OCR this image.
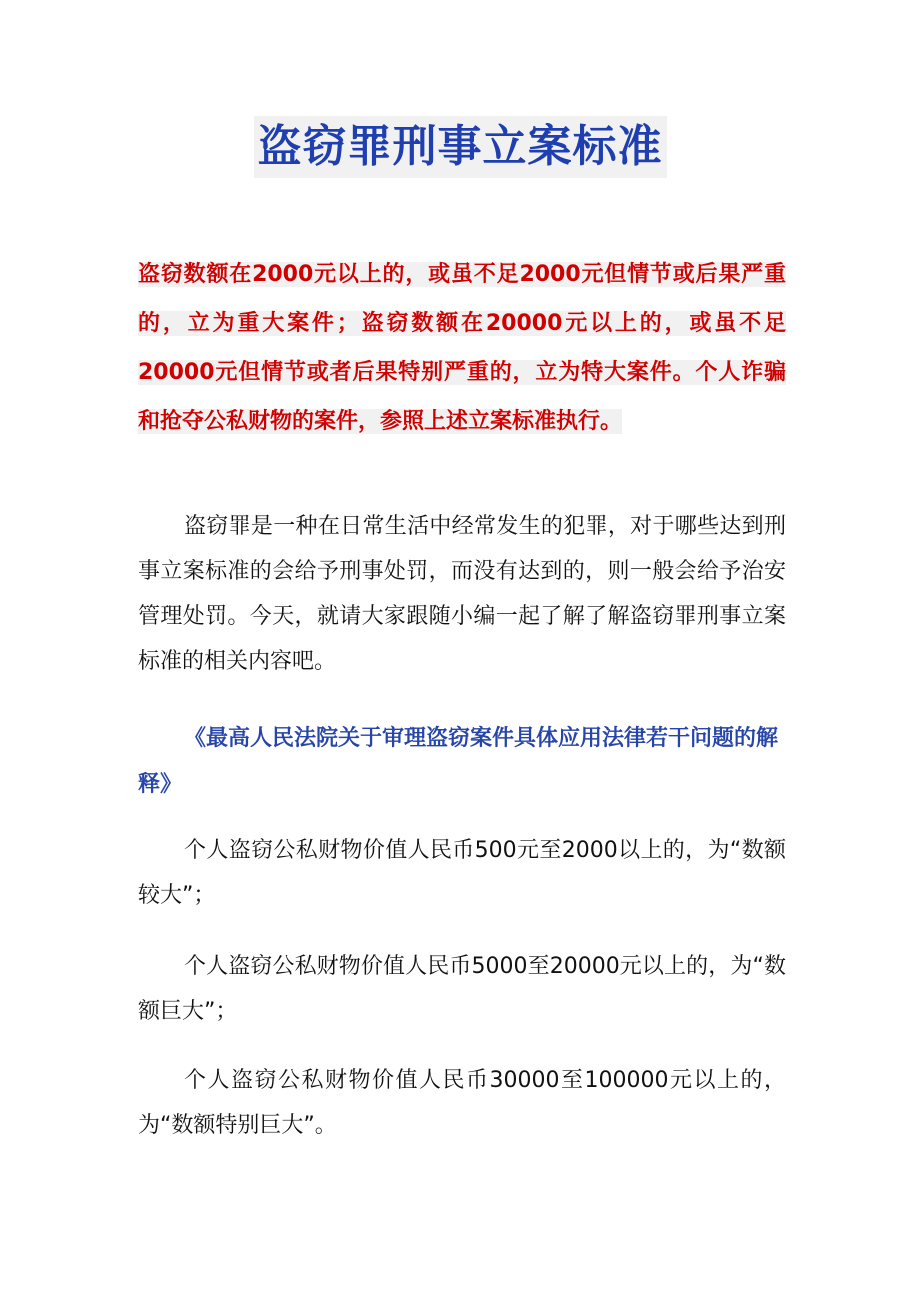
盗窃罪刑事立案标准

盗窃数额在2000元以上的，或虽不足2000元但情节或后果严重的，立为重大案件；盗窃数额在20000元以上的，或虽不足20000元但情节或者后果特别严重的，立为特大案件。个人诈骗和抢夺公私财物的案件，参照上述立案标准执行。

盗窃罪是一种在日常生活中经常发生的犯罪，对于哪些达到刑事立案标准的会给予刑事处罚，而没有达到的，则一般会给予治安管理处罚。今天，就请大家跟随小编一起了解了解盗窃罪刑事立案标准的相关内容吧。

《最高人民法院关于审理盗窃案件具体应用法律若干问题的解释》

个人盗窃公私财物价值人民币500元至2000以上的，为“数额较大”；

个人盗窃公私财物价值人民币5000至20000元以上的，为“数额巨大”；

个人盗窃公私财物价值人民币30000至100000元以上的，为“数额特别巨大”。
